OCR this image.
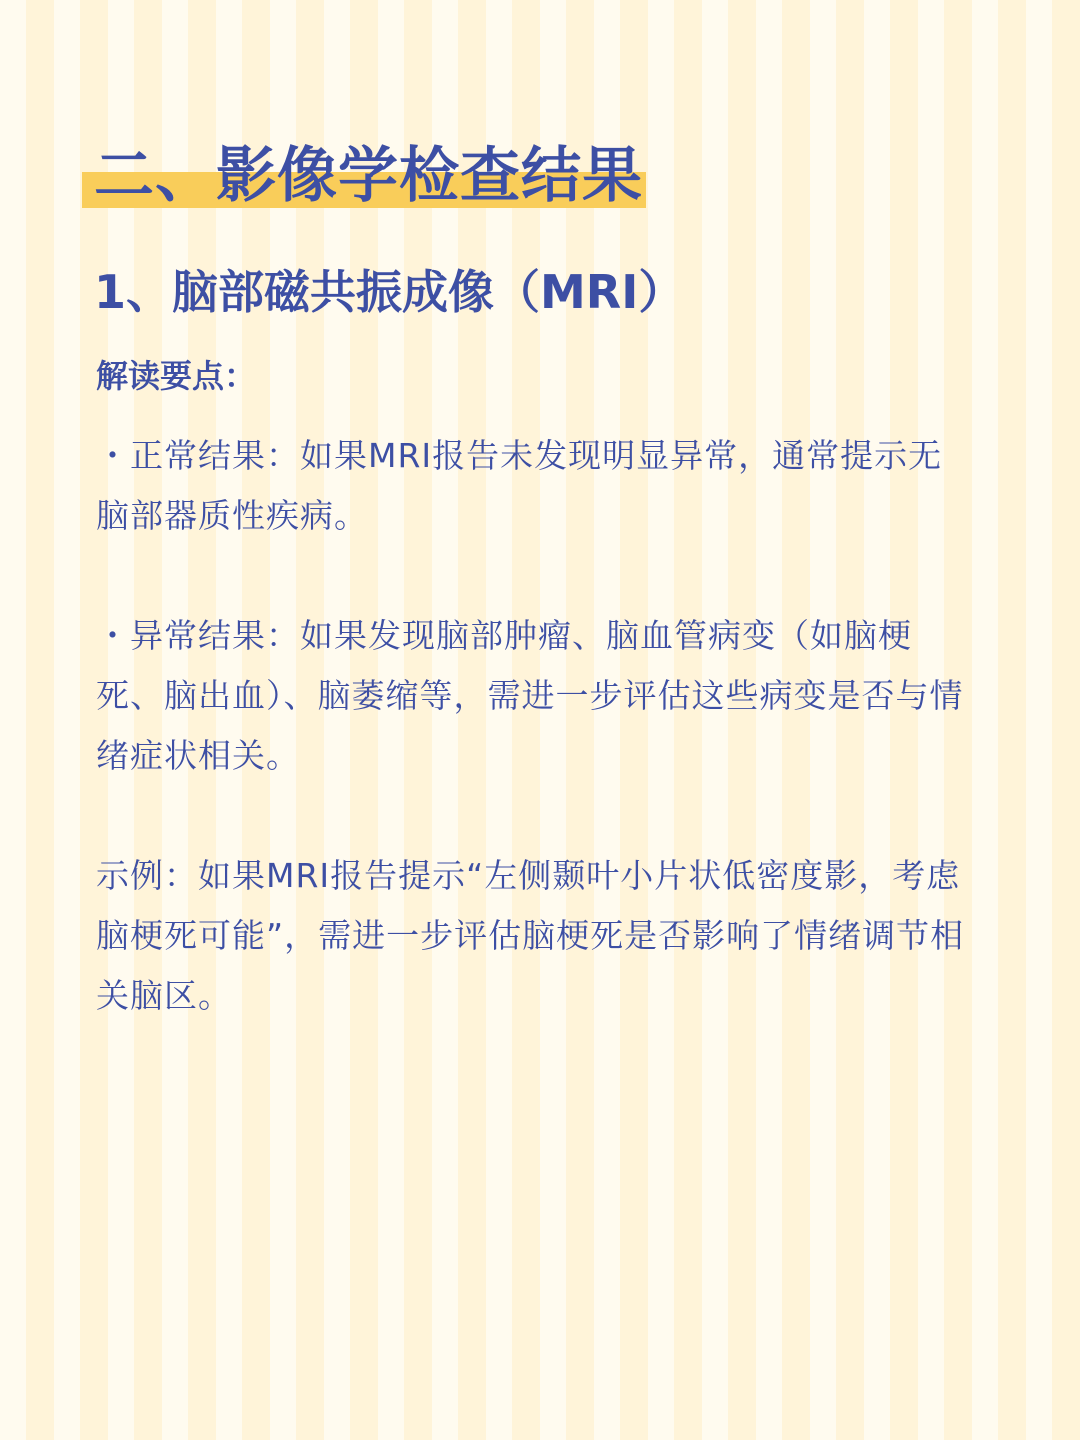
二、影像学检查结果
1、脑部磁共振成像（MRI）

解读要点：

・正常结果：如果MRI报告未发现明显异常，通常提示无脑部器质性疾病。

・异常结果：如果发现脑部肿瘤、脑血管病变（如脑梗死、脑出血）、脑萎缩等，需进一步评估这些病变是否与情绪症状相关。

示例：如果MRI报告提示“左侧颞叶小片状低密度影，考虑脑梗死可能”，需进一步评估脑梗死是否影响了情绪调节相关脑区。
